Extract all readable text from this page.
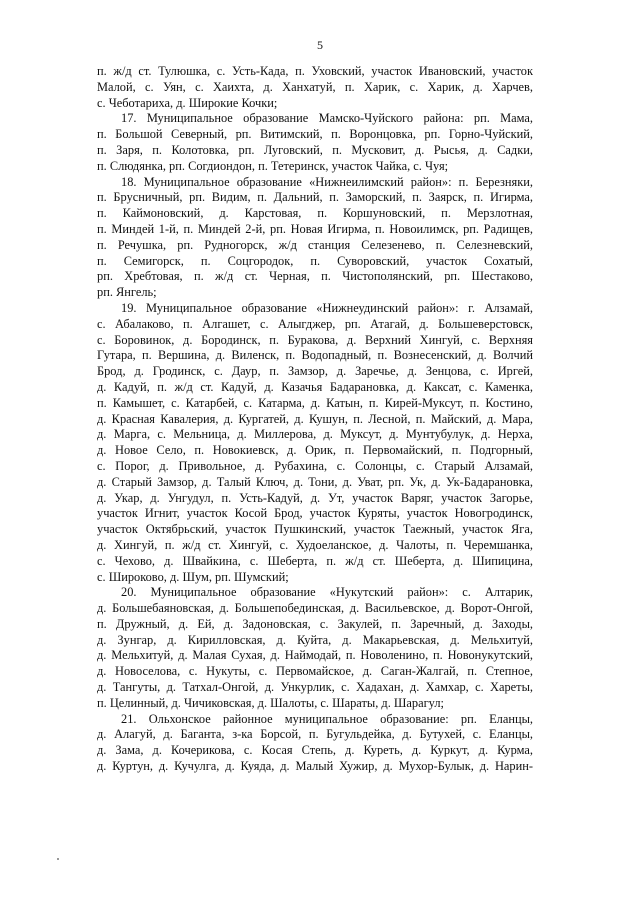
5
п. ж/д ст. Тулюшка, с. Усть-Када, п. Уховский, участок Ивановский, участок
Малой, с. Уян, с. Хаихта, д. Ханхатуй, п. Харик, с. Харик, д. Харчев,
с. Чеботариха, д. Широкие Кочки;
17. Муниципальное образование Мамско-Чуйского района: рп. Мама,
п. Большой Северный, рп. Витимский, п. Воронцовка, рп. Горно-Чуйский,
п. Заря, п. Колотовка, рп. Луговский, п. Мусковит, д. Рысья, д. Садки,
п. Слюдянка, рп. Согдиондон, п. Тетеринск, участок Чайка, с. Чуя;
18. Муниципальное образование «Нижнеилимский район»: п. Березняки,
п. Брусничный, рп. Видим, п. Дальний, п. Заморский, п. Заярск, п. Игирма,
п. Каймоновский, д. Карстовая, п. Коршуновский, п. Мерзлотная,
п. Миндей 1-й, п. Миндей 2-й, рп. Новая Игирма, п. Новоилимск, рп. Радищев,
п. Речушка, рп. Рудногорск, ж/д станция Селезенево, п. Селезневский,
п. Семигорск, п. Соцгородок, п. Суворовский, участок Сохатый,
рп. Хребтовая, п. ж/д ст. Черная, п. Чистополянский, рп. Шестаково,
рп. Янгель;
19. Муниципальное образование «Нижнеудинский район»: г. Алзамай,
с. Абалаково, п. Алгашет, с. Алыгджер, рп. Атагай, д. Большеверстовск,
с. Боровинок, д. Бородинск, п. Буракова, д. Верхний Хингуй, с. Верхняя
Гутара, п. Вершина, д. Виленск, п. Водопадный, п. Вознесенский, д. Волчий
Брод, д. Гродинск, с. Даур, п. Замзор, д. Заречье, д. Зенцова, с. Иргей,
д. Кадуй, п. ж/д ст. Кадуй, д. Казачья Бадарановка, д. Каксат, с. Каменка,
п. Камышет, с. Катарбей, с. Катарма, д. Катын, п. Кирей-Муксут, п. Костино,
д. Красная Кавалерия, д. Кургатей, д. Кушун, п. Лесной, п. Майский, д. Мара,
д. Марга, с. Мельница, д. Миллерова, д. Муксут, д. Мунтубулук, д. Нерха,
д. Новое Село, п. Новокиевск, д. Орик, п. Первомайский, п. Подгорный,
с. Порог, д. Привольное, д. Рубахина, с. Солонцы, с. Старый Алзамай,
д. Старый Замзор, д. Талый Ключ, д. Тони, д. Уват, рп. Ук, д. Ук-Бадарановка,
д. Укар, д. Унгудул, п. Усть-Кадуй, д. Ут, участок Варяг, участок Загорье,
участок Игнит, участок Косой Брод, участок Куряты, участок Новогродинск,
участок Октябрьский, участок Пушкинский, участок Таежный, участок Яга,
д. Хингуй, п. ж/д ст. Хингуй, с. Худоеланское, д. Чалоты, п. Черемшанка,
с. Чехово, д. Швайкина, с. Шеберта, п. ж/д ст. Шеберта, д. Шипицина,
с. Широково, д. Шум, рп. Шумский;
20. Муниципальное образование «Нукутский район»: с. Алтарик,
д. Большебаяновская, д. Большепобединская, д. Васильевское, д. Ворот-Онгой,
п. Дружный, д. Ей, д. Задоновская, с. Закулей, п. Заречный, д. Заходы,
д. Зунгар, д. Кирилловская, д. Куйта, д. Макарьевская, д. Мельхитуй,
д. Мельхитуй, д. Малая Сухая, д. Наймодай, п. Новоленино, п. Новонукутский,
д. Новоселова, с. Нукуты, с. Первомайское, д. Саган-Жалгай, п. Степное,
д. Тангуты, д. Татхал-Онгой, д. Ункурлик, с. Хадахан, д. Хамхар, с. Хареты,
п. Целинный, д. Чичиковская, д. Шалоты, с. Шараты, д. Шарагул;
21. Ольхонское районное муниципальное образование: рп. Еланцы,
д. Алагуй, д. Баганта, з-ка Борсой, п. Бугульдейка, д. Бутухей, с. Еланцы,
д. Зама, д. Кочерикова, с. Косая Степь, д. Куреть, д. Куркут, д. Курма,
д. Куртун, д. Кучулга, д. Куяда, д. Малый Хужир, д. Мухор-Булык, д. Нарин-
